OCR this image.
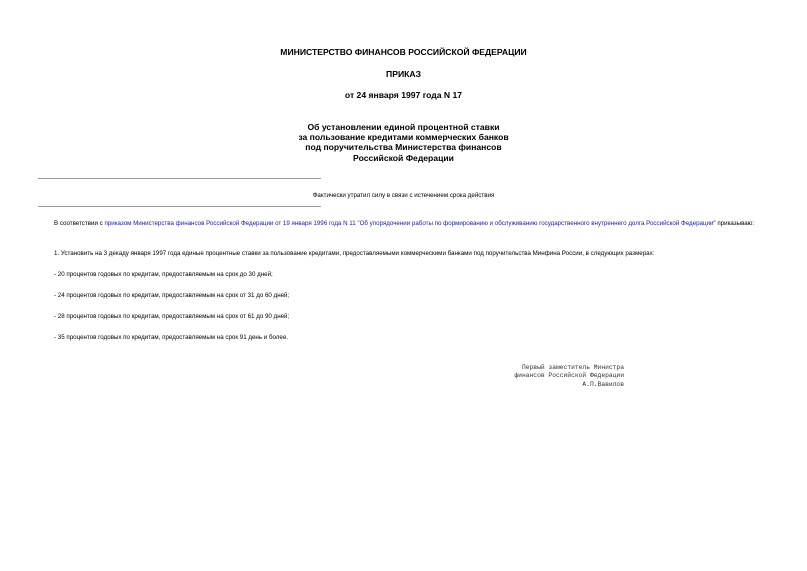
МИНИСТЕРСТВО ФИНАНСОВ РОССИЙСКОЙ ФЕДЕРАЦИИ
ПРИКАЗ
от 24 января 1997 года N 17
Об установлении единой процентной ставки
за пользование кредитами коммерческих банков
под поручительства Министерства финансов
Российской Федерации
Фактически утратил силу в связи с истечением срока действия
В соответствии с приказом Министерства финансов Российской Федерации от 19 января 1996 года N 11 "Об упорядочении работы по формированию и обслуживанию государственного внутреннего долга Российской Федерации" приказываю:
1. Установить на 3 декаду января 1997 года единые процентные ставки за пользование кредитами, предоставляемыми коммерческими банками под поручительства Минфина России, в следующих размерах:
- 20 процентов годовых по кредитам, предоставляемым на срок до 30 дней;
- 24 процентов годовых по кредитам, предоставляемым на срок от 31 до 60 дней;
- 28 процентов годовых по кредитам, предоставляемым на срок от 61 до 90 дней;
- 35 процентов годовых по кредитам, предоставляемым на срок 91 день и более.
Первый заместитель Министра
финансов Российской Федерации
А.П.Вавилов
